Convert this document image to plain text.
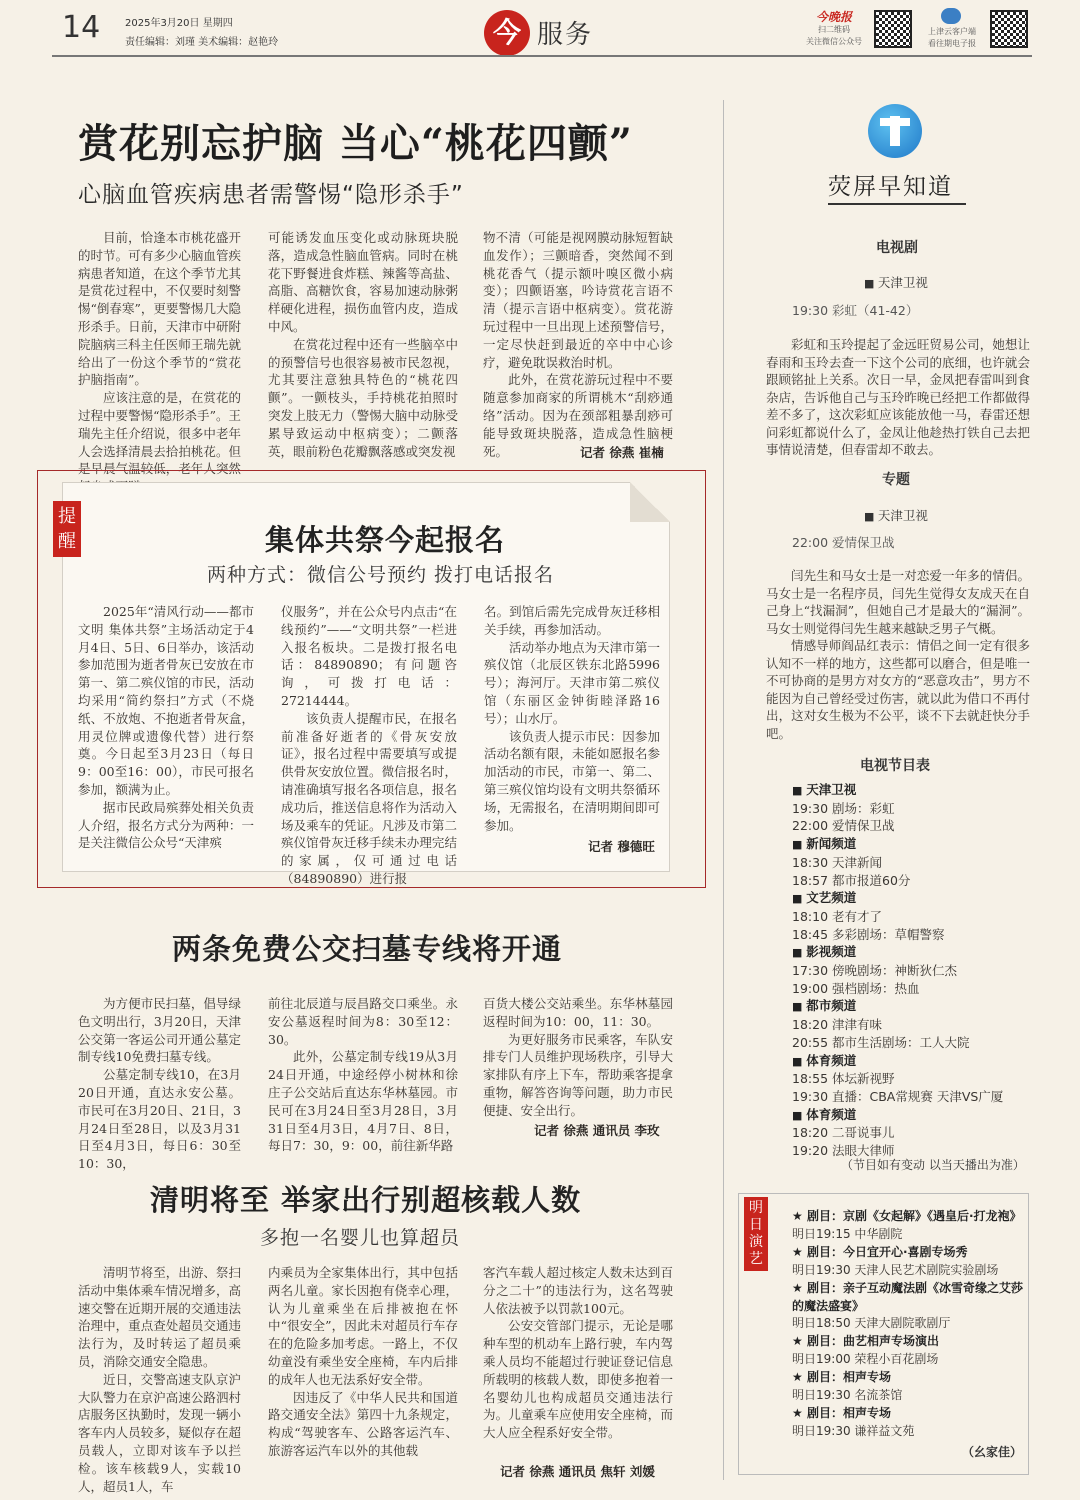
14 2025年3月20日 星期四
责任编辑：刘瑾 美术编辑：赵艳玲	今 服务
今晚报
扫二维码
关注微信公众号
上津云客户端
看往期电子报
赏花别忘护脑 当心“桃花四颤”
心脑血管疾病患者需警惕“隐形杀手”

目前，恰逢本市桃花盛开的时节。可有多少心脑血管疾病患者知道，在这个季节尤其是赏花过程中，不仅要时刻警惕“倒春寒”，更要警惕几大隐形杀手。日前，天津市中研附院脑病三科主任医师王瑞先就给出了一份这个季节的“赏花护脑指南”。

应该注意的是，在赏花的过程中要警惕“隐形杀手”。王瑞先主任介绍说，很多中老年人会选择清晨去拾拍桃花。但是早晨气温较低，老年人突然

可能诱发血压变化或动脉斑块脱落，造成急性脑血管病。同时在桃花下野餐进食炸糕、辣酱等高盐、高脂、高糖饮食，容易加速动脉粥样硬化进程，损伤血管内皮，造成中风。

在赏花过程中还有一些脑卒中的预警信号也很容易被市民忽视，尤其要注意独具特色的“桃花四颤”。一颤枝头，手持桃花拍照时突发上肢无力（警惕大脑中动脉受累导致运动中枢病变）；二颤落英，眼前粉色花瓣飘落感或突发视

物不清（可能是视网膜动脉短暂缺血发作）；三颤暗香，突然闻不到桃花香气（提示额叶嗅区微小病变）；四颤语塞，吟诗赏花言语不清（提示言语中枢病变）。赏花游玩过程中一旦出现上述预警信号，一定尽快赶到最近的卒中中心诊疗，避免耽误救治时机。

此外，在赏花游玩过程中不要随意参加商家的所谓桃木“刮痧通络”活动。因为在颈部粗暴刮痧可能导致斑块脱落，造成急性脑梗死。	记者 徐燕 崔楠
提醒	集体共祭今起报名
两种方式：微信公号预约 拨打电话报名

2025年“清风行动——都市文明 集体共祭”主场活动定于4月4日、5日、6日举办，该活动参加范围为逝者骨灰已安放在市第一、第二殡仪馆的市民，活动均采用“简约祭扫”方式（不烧纸、不放炮、不抱逝者骨灰盒，用灵位牌或遗像代替）进行祭奠。今日起至3月23日（每日9：00至16：00），市民可报名参加，额满为止。

据市民政局殡葬处相关负责人介绍，报名方式分为两种：一是关注微信公众号“天津殡

仪服务”，并在公众号内点击“在线预约”——“文明共祭”一栏进入报名板块。二是拨打报名电话：84890890；有问题咨询，可拨打电话：27214444。

该负责人提醒市民，在报名前准备好逝者的《骨灰安放证》，报名过程中需要填写或提供骨灰安放位置。微信报名时，请准确填写报名各项信息，报名成功后，推送信息将作为活动入场及乘车的凭证。凡涉及市第二殡仪馆骨灰迁移手续未办理完结的家属，仅可通过电话（84890890）进行报

名。到馆后需先完成骨灰迁移相关手续，再参加活动。

活动举办地点为天津市第一殡仪馆（北辰区铁东北路5996号）；海河厅。天津市第二殡仪馆（东丽区金钟街睦泽路16号）；山水厅。

该负责人提示市民：因参加活动名额有限，未能如愿报名参加活动的市民，市第一、第二、第三殡仪馆均设有文明共祭循环场，无需报名，在清明期间即可参加。

记者 穆德旺
两条免费公交扫墓专线将开通

为方便市民扫墓，倡导绿色文明出行，3月20日，天津公交第一客运公司开通公墓定制专线10免费扫墓专线。

公墓定制专线10，在3月20日开通，直达永安公墓。市民可在3月20日、21日，3月24日至28日，以及3月31日至4月3日，每日6：30至10：30，

前往北辰道与辰昌路交口乘坐。永安公墓返程时间为8：30至12：30。

此外，公墓定制专线19从3月24日开通，中途经停小树林和徐庄子公交站后直达东华林墓园。市民可在3月24日至3月28日，3月31日至4月3日，4月7日、8日，每日7：30，9：00，前往新华路

百货大楼公交站乘坐。东华林墓园返程时间为10：00，11：30。

为更好服务市民乘客，车队安排专门人员维护现场秩序，引导大家排队有序上下车，帮助乘客提拿重物，解答咨询等问题，助力市民便捷、安全出行。

记者 徐燕 通讯员 李玫
清明将至 举家出行别超核载人数
多抱一名婴儿也算超员

清明节将至，出游、祭扫活动中集体乘车情况增多，高速交警在近期开展的交通违法治理中，重点查处超员交通违法行为，及时转运了超员乘员，消除交通安全隐患。

近日，交警高速支队京沪大队警力在京沪高速公路泗村店服务区执勤时，发现一辆小客车内人员较多，疑似存在超员载人，立即对该车予以拦检。该车核载9人，实载10人，超员1人，车

内乘员为全家集体出行，其中包括两名儿童。家长因抱有侥幸心理，认为儿童乘坐在后排被抱在怀中“很安全”，因此未对超员行车存在的危险多加考虑。一路上，不仅幼童没有乘坐安全座椅，车内后排的成年人也无法系好安全带。

因违反了《中华人民共和国道路交通安全法》第四十九条规定，构成“驾驶客车、公路客运汽车、旅游客运汽车以外的其他载

客汽车载人超过核定人数未达到百分之二十”的违法行为，这名驾驶人依法被予以罚款100元。

公安交管部门提示，无论是哪种车型的机动车上路行驶，车内驾乘人员均不能超过行驶证登记信息所载明的核载人数，即使多抱着一名婴幼儿也构成超员交通违法行为。儿童乘车应使用安全座椅，而大人应全程系好安全带。

记者 徐燕 通讯员 焦轩 刘媛
荧屏早知道
电视剧
■ 天津卫视
19:30 彩虹（41-42）
彩虹和玉玲提起了金远旺贸易公司，她想让春雨和玉玲去查一下这个公司的底细，也许就会跟顾铭扯上关系。次日一早，金凤把春雷叫到食杂店，告诉他自己与玉玲昨晚已经把工作都做得差不多了，这次彩虹应该能放他一马，春雷还想问彩虹都说什么了，金凤让他趁热打铁自己去把事情说清楚，但春雷却不敢去。
专题
■ 天津卫视
22:00 爱情保卫战

闫先生和马女士是一对恋爱一年多的情侣。马女士是一名程序员，闫先生觉得女友成天在自己身上“找漏洞”，但她自己才是最大的“漏洞”。马女士则觉得闫先生越来越缺乏男子气概。

情感导师阎品红表示：情侣之间一定有很多认知不一样的地方，这些都可以磨合，但是唯一不可协商的是男方对女方的“恶意攻击”，男方不能因为自己曾经受过伤害，就以此为借口不再付出，这对女生极为不公平，谈不下去就赶快分手吧。

电视节目表
■ 天津卫视
19:30 剧场：彩虹
22:00 爱情保卫战
■ 新闻频道
18:30 天津新闻
18:57 都市报道60分
■ 文艺频道
18:10 老有才了
18:45 多彩剧场：草帽警察
■ 影视频道
17:30 傍晚剧场：神断狄仁杰
19:00 强档剧场：热血
■ 都市频道
18:20 津津有味
20:55 都市生活剧场：工人大院
■ 体育频道
18:55 体坛新视野
19:30 直播：CBA常规赛 天津VS广厦
■ 体育频道
18:20 二哥说事儿
19:20 法眼大律师
（节目如有变动 以当天播出为准）
明日演艺
★ 剧目：京剧《女起解》《遇皇后·打龙袍》
明日19:15 中华剧院
★ 剧目：今日宜开心·喜剧专场秀
明日19:30 天津人民艺术剧院实验剧场
★ 剧目：亲子互动魔法剧《冰雪奇缘之艾莎的魔法盛宴》
明日18:50 天津大剧院歌剧厅
★ 剧目：曲艺相声专场演出
明日19:00 荣程小百花剧场
★ 剧目：相声专场
明日19:30 名流茶馆
★ 剧目：相声专场
明日19:30 谦祥益文苑
（幺家佳）
